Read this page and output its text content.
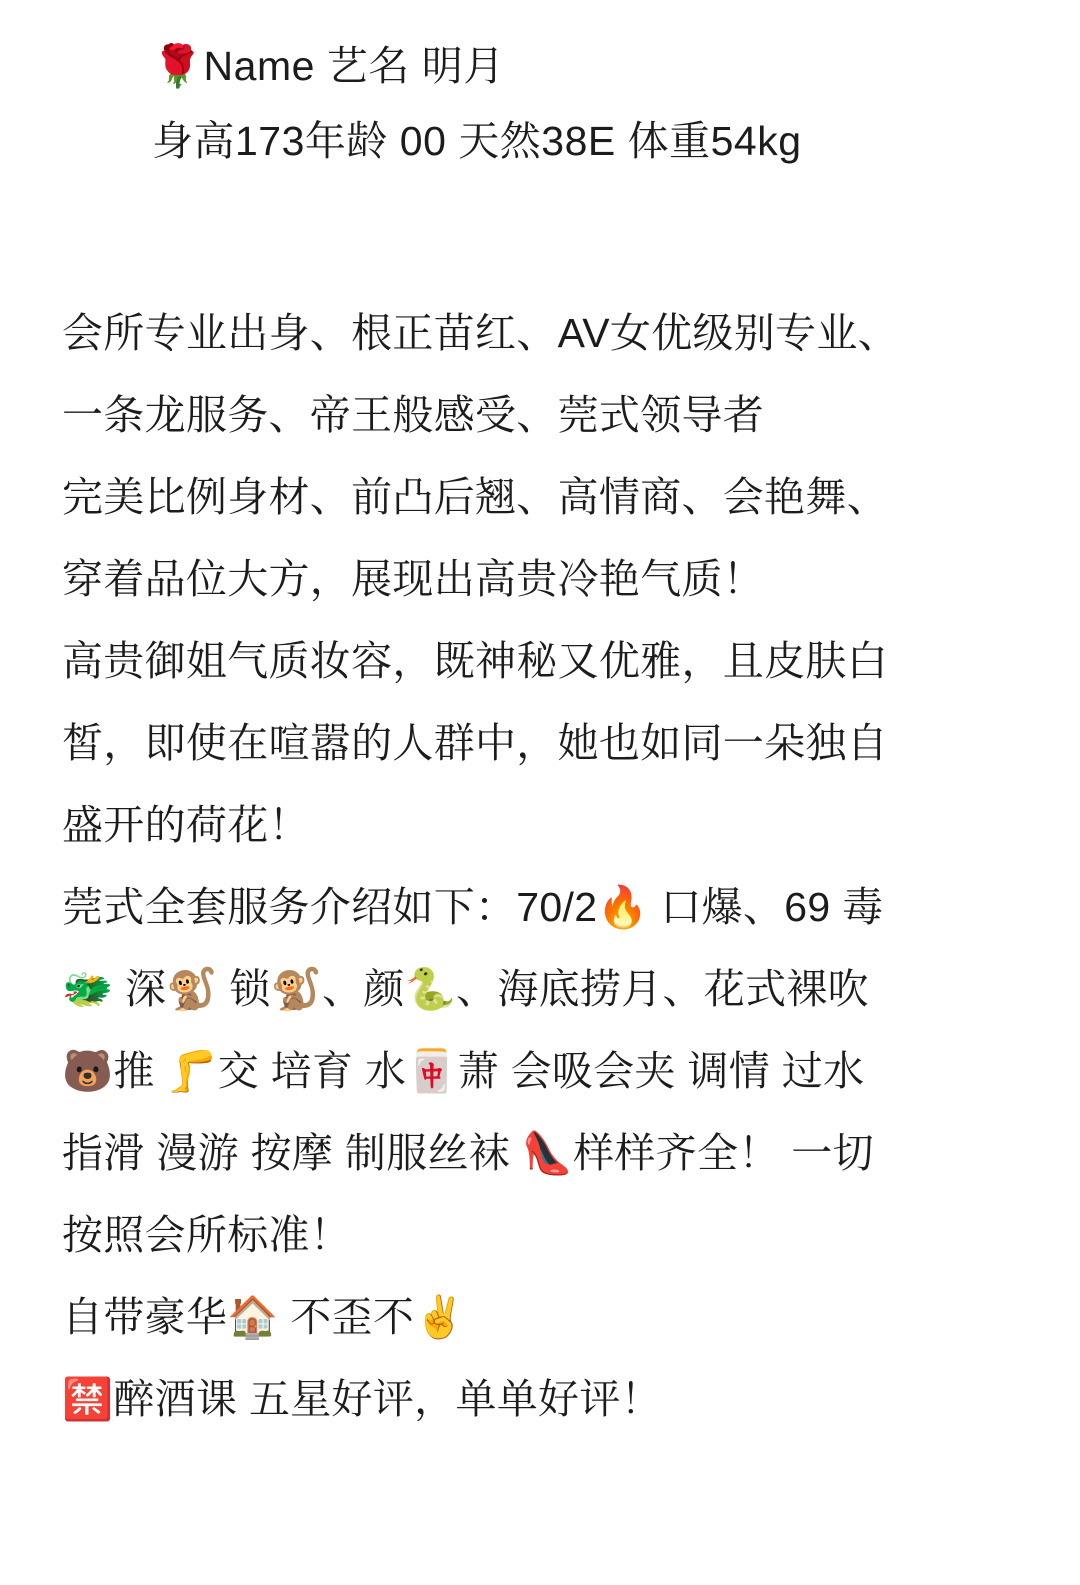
🌹Name 艺名 明月
身高173年龄 00 天然38E 体重54kg
会所专业出身、根正苗红、AV女优级别专业、
一条龙服务、帝王般感受、莞式领导者
完美比例身材、前凸后翘、高情商、会艳舞、
穿着品位大方，展现出高贵冷艳气质！
高贵御姐气质妆容，既神秘又优雅，且皮肤白
皙，即使在喧嚣的人群中，她也如同一朵独自
盛开的荷花！
莞式全套服务介绍如下：70/2🔥 口爆、69 毒
🐲 深🐒 锁🐒、颜🐍、海底捞月、花式裸吹
🐻推 🦵交 培育 水🀄萧 会吸会夹 调情 过水
指滑 漫游 按摩 制服丝袜 👠样样齐全！ 一切
按照会所标准！
自带豪华🏠 不歪不✌️
🈲醉酒课 五星好评，单单好评！
